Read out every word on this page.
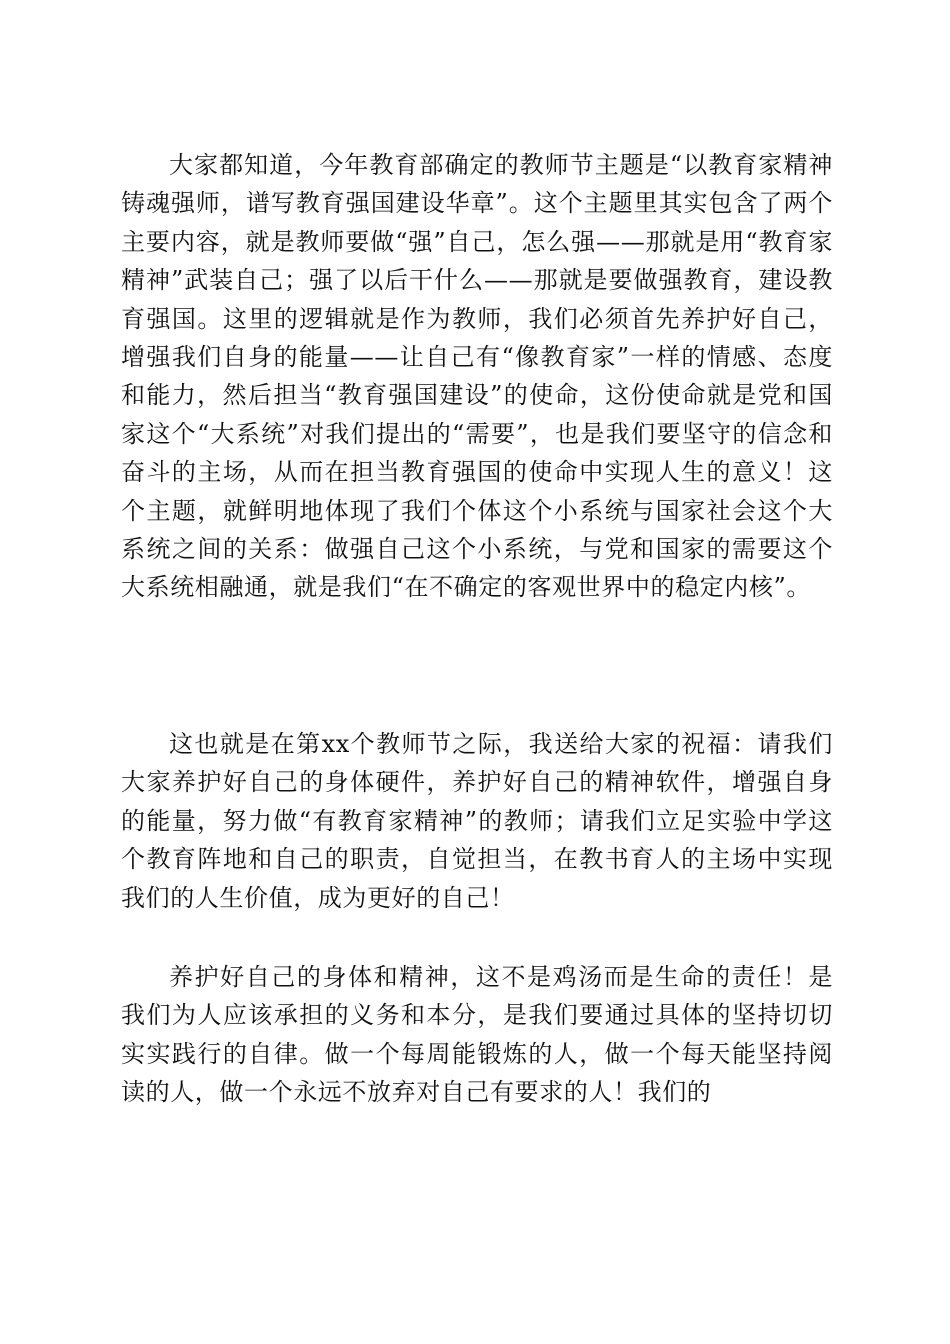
大家都知道，今年教育部确定的教师节主题是“以教育家精神铸魂强师，谱写教育强国建设华章”。这个主题里其实包含了两个主要内容，就是教师要做“强”自己，怎么强——那就是用“教育家精神”武装自己；强了以后干什么——那就是要做强教育，建设教育强国。这里的逻辑就是作为教师，我们必须首先养护好自己，增强我们自身的能量——让自己有“像教育家”一样的情感、态度和能力，然后担当“教育强国建设”的使命，这份使命就是党和国家这个“大系统”对我们提出的“需要”，也是我们要坚守的信念和奋斗的主场，从而在担当教育强国的使命中实现人生的意义！这个主题，就鲜明地体现了我们个体这个小系统与国家社会这个大系统之间的关系：做强自己这个小系统，与党和国家的需要这个大系统相融通，就是我们“在不确定的客观世界中的稳定内核”。

这也就是在第xx个教师节之际，我送给大家的祝福：请我们大家养护好自己的身体硬件，养护好自己的精神软件，增强自身的能量，努力做“有教育家精神”的教师；请我们立足实验中学这个教育阵地和自己的职责，自觉担当，在教书育人的主场中实现我们的人生价值，成为更好的自己！

养护好自己的身体和精神，这不是鸡汤而是生命的责任！是我们为人应该承担的义务和本分，是我们要通过具体的坚持切切实实践行的自律。做一个每周能锻炼的人，做一个每天能坚持阅读的人，做一个永远不放弃对自己有要求的人！我们的
